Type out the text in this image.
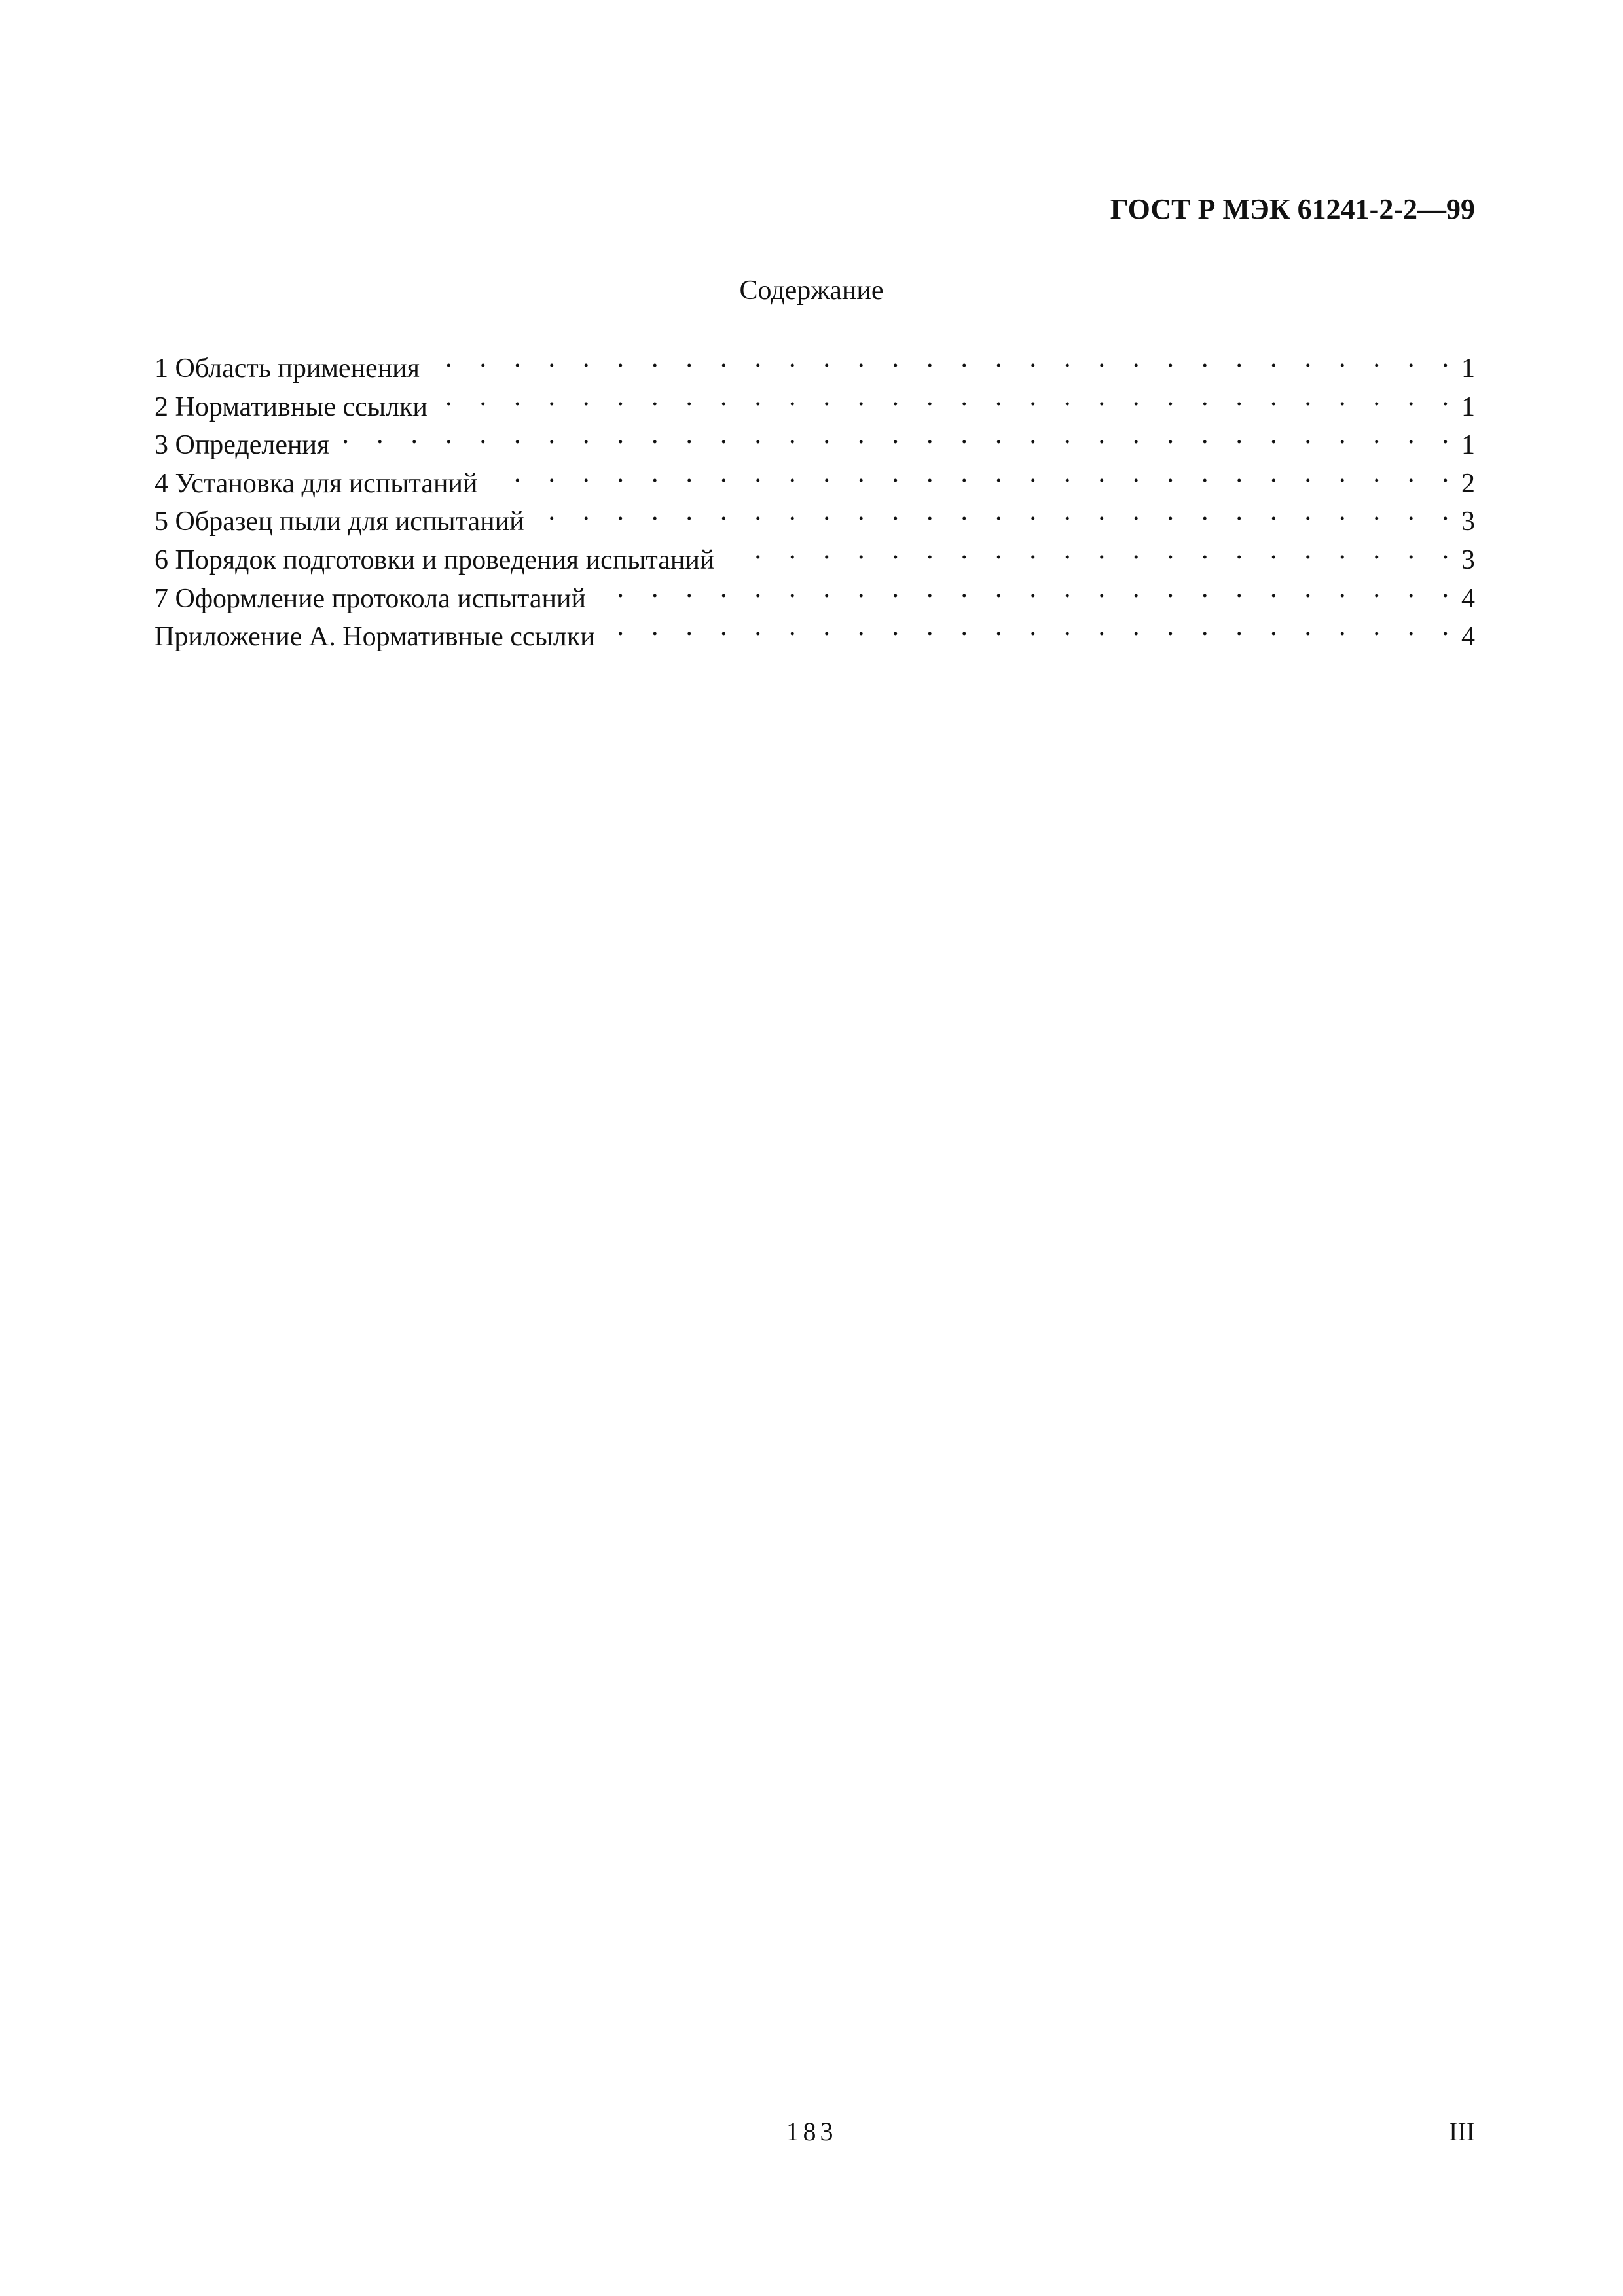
ГОСТ Р МЭК 61241-2-2—99
Содержание
1 Область применения .	1
2 Нормативные ссылки .	1
3 Определения .	1
4 Установка для испытаний .	2
5 Образец пыли для испытаний .	3
6 Порядок подготовки и проведения испытаний .	3
7 Оформление протокола испытаний .	4
Приложение А. Нормативные ссылки .	4
183	III
